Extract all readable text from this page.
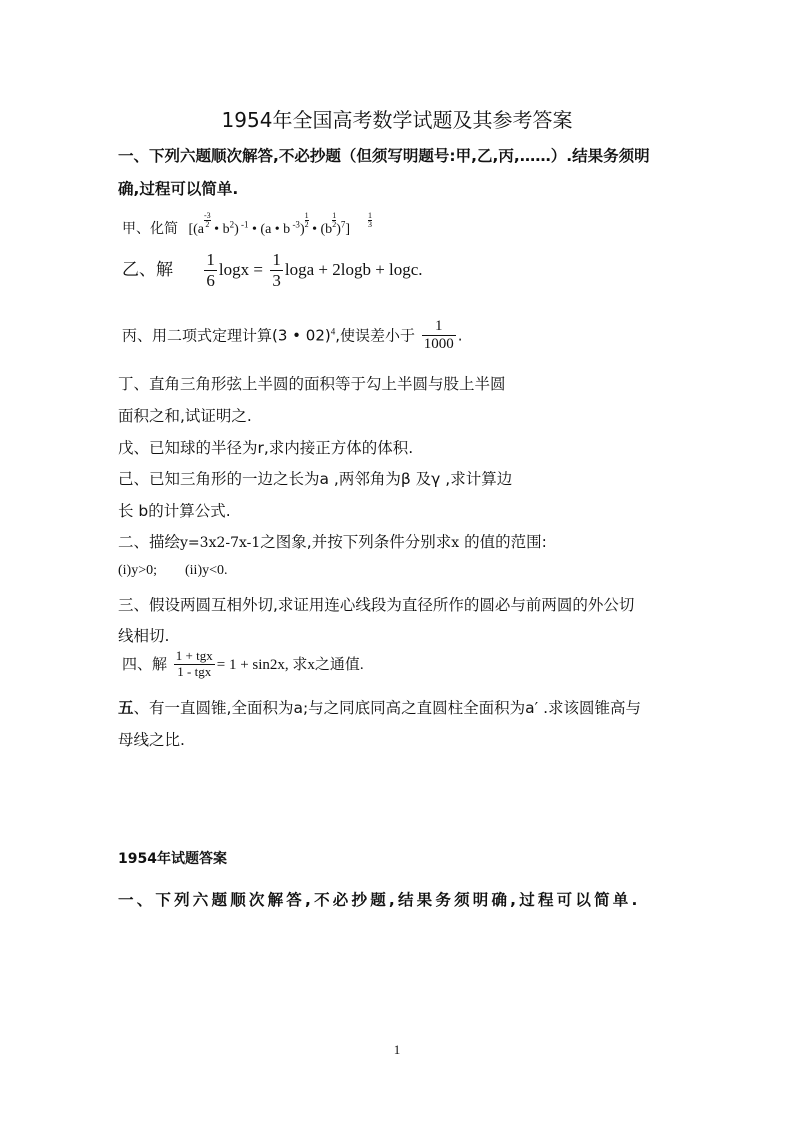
1954年全国高考数学试题及其参考答案
一、下列六题顺次解答,不必抄题（但须写明题号:甲,乙,丙,……）.结果务须明
确,过程可以简单.
甲、化简 [(a
$\frac{-3}{2}$
• $b^2$) $^{-1}$ • (a • b $^{-3}$)
$\frac{1}{2}$
• (b
$\frac{1}{2}$
)$^7$]
$\frac{1}{3}$
乙、解 $\frac{1}{6}$ $\log x = \frac{1}{3}$ loga + 2logb + logc.
丙、用二项式定理计算(3 • 02)$^4$,使误差小于 $\frac{1}{1000}$ .
丁、直角三角形弦上半圆的面积等于勾上半圆与股上半圆
面积之和,试证明之.
戊、已知球的半径为r,求内接正方体的体积.
己、已知三角形的一边之长为a ,两邻角为β 及γ ,求计算边
长 b的计算公式.
二、描绘y=3x2-7x-1之图象,并按下列条件分别求x 的值的范围:
(i)y>0; (ii)y<0.
三、假设两圆互相外切,求证用连心线段为直径所作的圆必与前两圆的外公切
线相切.
四、解 $\frac{\text{1 + tgx}}{\text{1 - tgx}} = 1 + \sin 2x$, 求x之通值.
五、有一直圆锥,全面积为a;与之同底同高之直圆柱全面积为a′ .求该圆锥高与
母线之比.
1954年试题答案
一、下列六题顺次解答,不必抄题,结果务须明确,过程可以简单.
1
